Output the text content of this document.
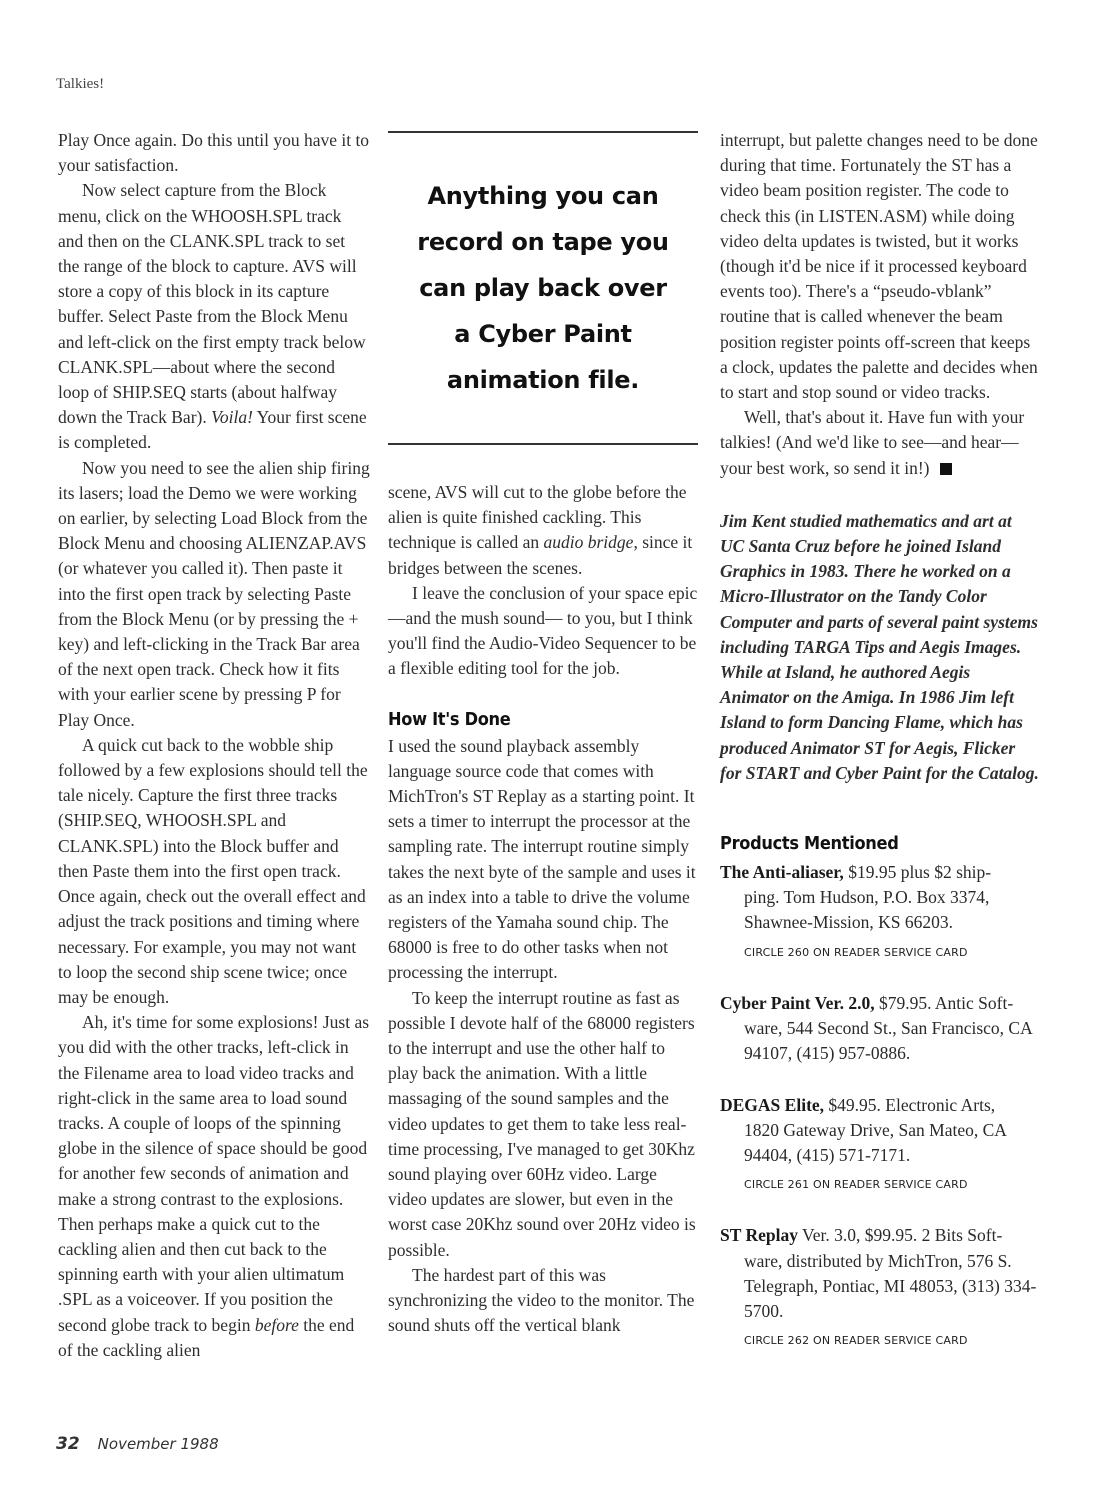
Talkies!

Play Once again. Do this until you have it to your satisfaction.

Now select capture from the Block menu, click on the WHOOSH.SPL track and then on the CLANK.SPL track to set the range of the block to capture. AVS will store a copy of this block in its capture buffer. Select Paste from the Block Menu and left-click on the first empty track below CLANK.SPL—about where the second loop of SHIP.SEQ starts (about halfway down the Track Bar). Voila! Your first scene is completed.

Now you need to see the alien ship firing its lasers; load the Demo we were working on earlier, by selecting Load Block from the Block Menu and choosing ALIENZAP.AVS (or whatever you called it). Then paste it into the first open track by selecting Paste from the Block Menu (or by pressing the + key) and left-clicking in the Track Bar area of the next open track. Check how it fits with your earlier scene by pressing P for Play Once.

A quick cut back to the wobble ship followed by a few explosions should tell the tale nicely. Capture the first three tracks (SHIP.SEQ, WHOOSH.SPL and CLANK.SPL) into the Block buffer and then Paste them into the first open track. Once again, check out the overall effect and adjust the track positions and timing where necessary. For example, you may not want to loop the second ship scene twice; once may be enough.

Ah, it's time for some explosions! Just as you did with the other tracks, left-click in the Filename area to load video tracks and right-click in the same area to load sound tracks. A couple of loops of the spinning globe in the silence of space should be good for another few seconds of animation and make a strong contrast to the explosions. Then perhaps make a quick cut to the cackling alien and then cut back to the spinning earth with your alien ultimatum .SPL as a voiceover. If you position the second globe track to begin before the end of the cackling alien

Anything you can record on tape you can play back over a Cyber Paint animation file.

scene, AVS will cut to the globe before the alien is quite finished cackling. This technique is called an audio bridge, since it bridges between the scenes.

I leave the conclusion of your space epic—and the mush sound— to you, but I think you'll find the Audio-Video Sequencer to be a flexible editing tool for the job.

How It's Done

I used the sound playback assembly language source code that comes with MichTron's ST Replay as a starting point. It sets a timer to interrupt the processor at the sampling rate. The interrupt routine simply takes the next byte of the sample and uses it as an index into a table to drive the volume registers of the Yamaha sound chip. The 68000 is free to do other tasks when not processing the interrupt.

To keep the interrupt routine as fast as possible I devote half of the 68000 registers to the interrupt and use the other half to play back the animation. With a little massaging of the sound samples and the video updates to get them to take less real-time processing, I've managed to get 30Khz sound playing over 60Hz video. Large video updates are slower, but even in the worst case 20Khz sound over 20Hz video is possible.

The hardest part of this was synchronizing the video to the monitor. The sound shuts off the vertical blank

interrupt, but palette changes need to be done during that time. Fortunately the ST has a video beam position register. The code to check this (in LISTEN.ASM) while doing video delta updates is twisted, but it works (though it'd be nice if it processed keyboard events too). There's a “pseudo-vblank” routine that is called whenever the beam position register points off-screen that keeps a clock, updates the palette and decides when to start and stop sound or video tracks.

Well, that's about it. Have fun with your talkies! (And we'd like to see—and hear—your best work, so send it in!)

Jim Kent studied mathematics and art at UC Santa Cruz before he joined Island Graphics in 1983. There he worked on a Micro-Illustrator on the Tandy Color Computer and parts of several paint systems including TARGA Tips and Aegis Images. While at Island, he authored Aegis Animator on the Amiga. In 1986 Jim left Island to form Dancing Flame, which has produced Animator ST for Aegis, Flicker for START and Cyber Paint for the Catalog.

Products Mentioned
The Anti-aliaser, $19.95 plus $2 ship-
ping. Tom Hudson, P.O. Box 3374, Shawnee-Mission, KS 66203.
CIRCLE 260 ON READER SERVICE CARD
Cyber Paint Ver. 2.0, $79.95. Antic Soft-
ware, 544 Second St., San Francisco, CA 94107, (415) 957-0886.
DEGAS Elite, $49.95. Electronic Arts,
1820 Gateway Drive, San Mateo, CA 94404, (415) 571-7171.
CIRCLE 261 ON READER SERVICE CARD
ST Replay Ver. 3.0, $99.95. 2 Bits Soft-
ware, distributed by MichTron, 576 S. Telegraph, Pontiac, MI 48053, (313) 334-5700.
CIRCLE 262 ON READER SERVICE CARD
32 November 1988
